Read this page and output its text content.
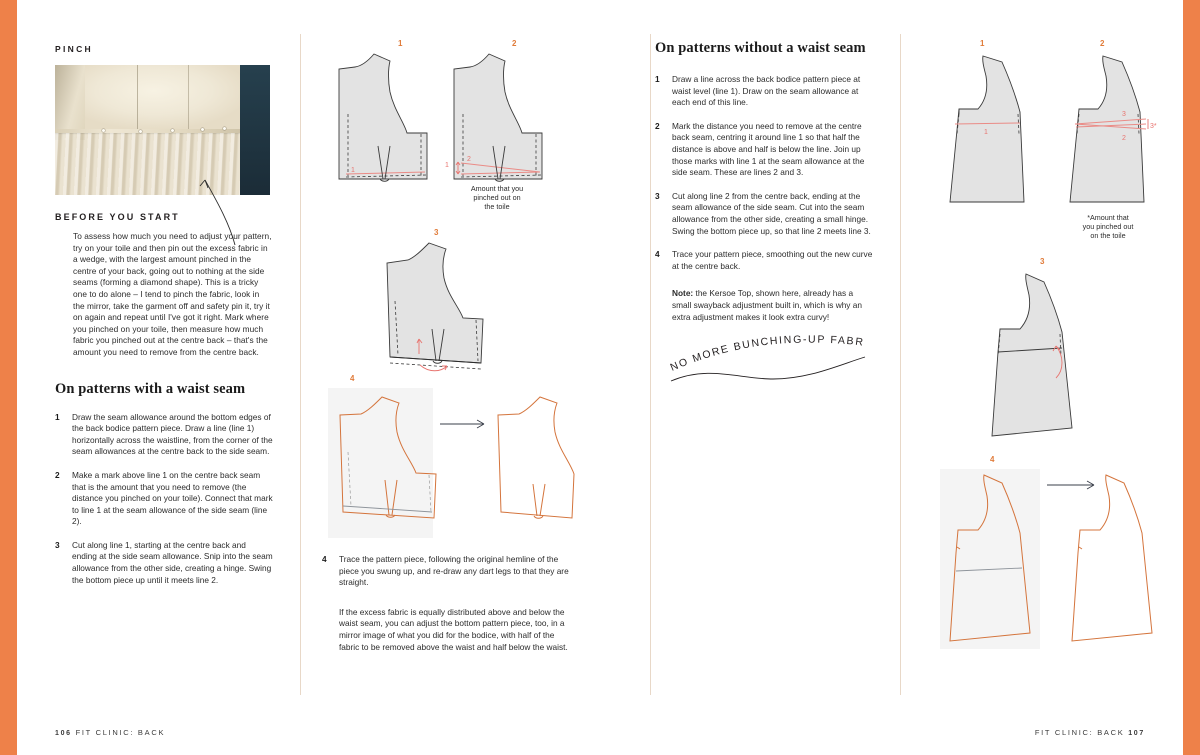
PINCH
BEFORE YOU START

To assess how much you need to adjust your pattern, try on your toile and then pin out the excess fabric in a wedge, with the largest amount pinched in the centre of your back, going out to nothing at the side seams (forming a diamond shape). This is a tricky one to do alone – I tend to pinch the fabric, look in the mirror, take the garment off and safety pin it, try it on again and repeat until I've got it right. Mark where you pinched on your toile, then measure how much fabric you pinched out at the centre back – that's the amount you need to remove from the centre back.

On patterns with a waist seam
1	Draw the seam allowance around the bottom edges of the back bodice pattern piece. Draw a line (line 1) horizontally across the waistline, from the corner of the seam allowances at the centre back to the side seam.
2	Make a mark above line 1 on the centre back seam that is the amount that you need to remove (the distance you pinched on your toile). Connect that mark to line 1 at the seam allowance of the side seam (line 2).
3	Cut along line 1, starting at the centre back and ending at the side seam allowance. Snip into the seam allowance from the other side, creating a hinge. Swing the bottom piece up until it meets line 2.
1	2
1
1
2
Amount that you
pinched out on
the toile
3
4
4	Trace the pattern piece, following the original hemline of the piece you swung up, and re-draw any dart legs to that they are straight.
If the excess fabric is equally distributed above and below the waist seam, you can adjust the bottom pattern piece, too, in a mirror image of what you did for the bodice, with half of the fabric to be removed above the waist and half below the waist.
106 FIT CLINIC: BACK
On patterns without a waist seam
1	Draw a line across the back bodice pattern piece at waist level (line 1). Draw on the seam allowance at each end of this line.
2	Mark the distance you need to remove at the centre back seam, centring it around line 1 so that half the distance is above and half is below the line. Join up those marks with line 1 at the seam allowance at the side seam. These are lines 2 and 3.
3	Cut along line 2 from the centre back, ending at the seam allowance of the side seam. Cut into the seam allowance from the other side, creating a small hinge. Swing the bottom piece up, so that line 2 meets line 3.
4	Trace your pattern piece, smoothing out the new curve at the centre back.
Note: the Kersoe Top, shown here, already has a small swayback adjustment built in, which is why an extra adjustment makes it look extra curvy!
NO MORE BUNCHING-UP FABRIC!
1	2
1
3
2
3*
*Amount that
you pinched out
on the toile
3
4
FIT CLINIC: BACK 107
